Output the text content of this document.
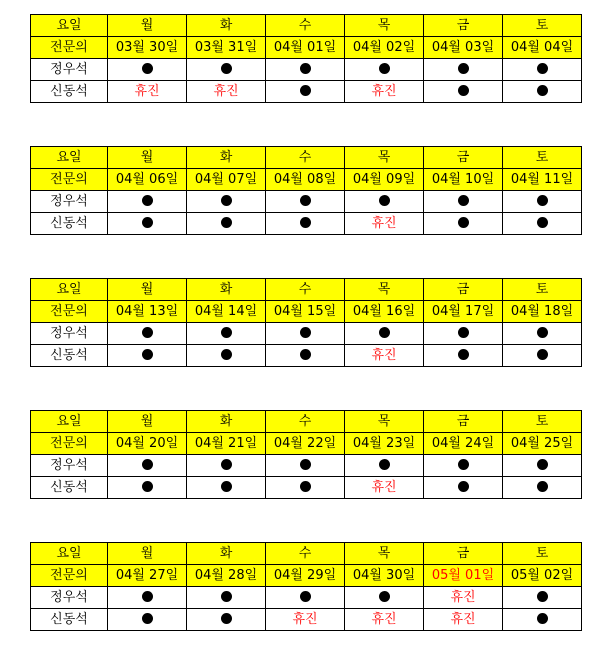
요일	월	화	수	목	금	토
전문의	03월 30일	03월 31일	04월 01일	04월 02일	04월 03일	04월 04일
정우석						
신동석	휴진	휴진		휴진		
요일	월	화	수	목	금	토
전문의	04월 06일	04월 07일	04월 08일	04월 09일	04월 10일	04월 11일
정우석						
신동석				휴진		
요일	월	화	수	목	금	토
전문의	04월 13일	04월 14일	04월 15일	04월 16일	04월 17일	04월 18일
정우석						
신동석				휴진		
요일	월	화	수	목	금	토
전문의	04월 20일	04월 21일	04월 22일	04월 23일	04월 24일	04월 25일
정우석						
신동석				휴진		
요일	월	화	수	목	금	토
전문의	04월 27일	04월 28일	04월 29일	04월 30일	05월 01일	05월 02일
정우석					휴진	
신동석			휴진	휴진	휴진	
